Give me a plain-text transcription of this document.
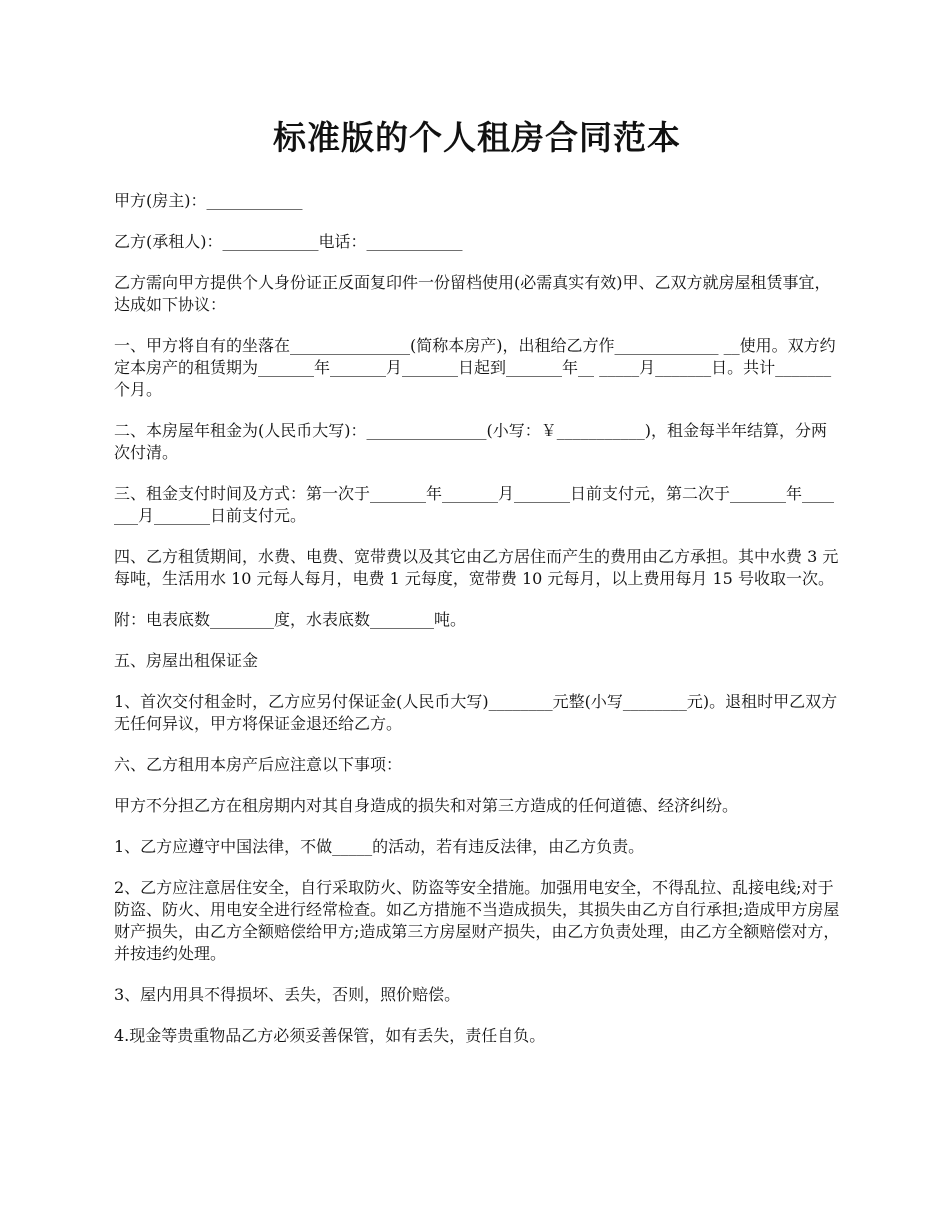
标准版的个人租房合同范本

甲方(房主)：____________

乙方(承租人)：____________电话：____________

乙方需向甲方提供个人身份证正反面复印件一份留档使用(必需真实有效)甲、乙双方就房屋租赁事宜，达成如下协议：

一、甲方将自有的坐落在_______________(简称本房产)，出租给乙方作_____________ __使用。双方约定本房产的租赁期为_______年_______月_______日起到_______年__ _____月_______日。共计_______个月。

二、本房屋年租金为(人民币大写)：_______________(小写：￥___________)，租金每半年结算，分两次付清。

三、租金支付时间及方式：第一次于_______年_______月_______日前支付元，第二次于_______年_______月_______日前支付元。

四、乙方租赁期间，水费、电费、宽带费以及其它由乙方居住而产生的费用由乙方承担。其中水费 3 元每吨，生活用水 10 元每人每月，电费 1 元每度，宽带费 10 元每月，以上费用每月 15 号收取一次。

附：电表底数________度，水表底数________吨。

五、房屋出租保证金

1、首次交付租金时，乙方应另付保证金(人民币大写)________元整(小写________元)。退租时甲乙双方无任何异议，甲方将保证金退还给乙方。

六、乙方租用本房产后应注意以下事项：

甲方不分担乙方在租房期内对其自身造成的损失和对第三方造成的任何道德、经济纠纷。

1、乙方应遵守中国法律，不做_____的活动，若有违反法律，由乙方负责。

2、乙方应注意居住安全，自行采取防火、防盗等安全措施。加强用电安全，不得乱拉、乱接电线;对于防盗、防火、用电安全进行经常检查。如乙方措施不当造成损失，其损失由乙方自行承担;造成甲方房屋财产损失，由乙方全额赔偿给甲方;造成第三方房屋财产损失，由乙方负责处理，由乙方全额赔偿对方，并按违约处理。

3、屋内用具不得损坏、丢失，否则，照价赔偿。

4.现金等贵重物品乙方必须妥善保管，如有丢失，责任自负。
